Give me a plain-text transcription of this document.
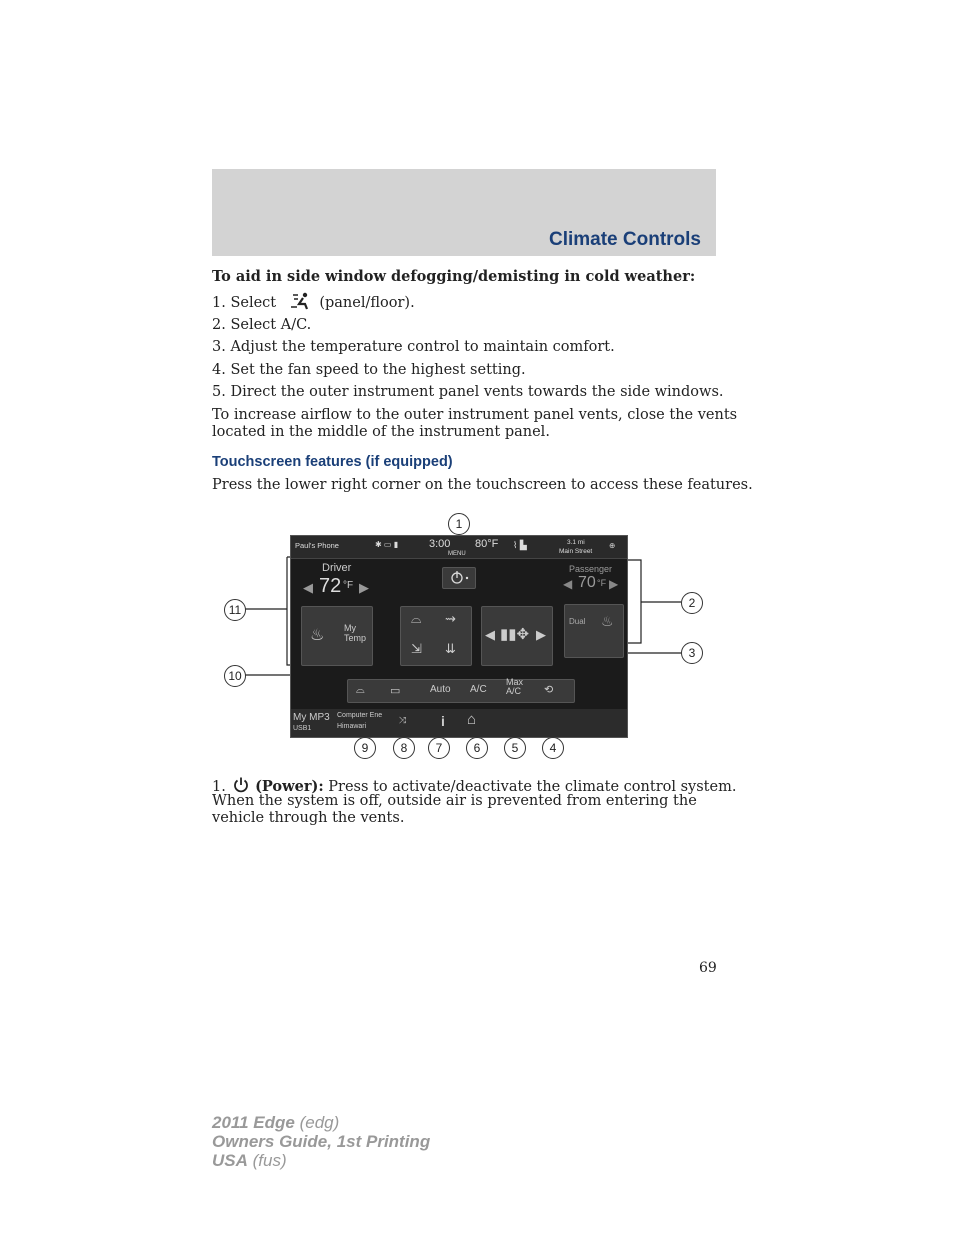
Climate Controls
To aid in side window defogging/demisting in cold weather:
1. Select	(panel/floor).
2. Select A/C.
3. Adjust the temperature control to maintain comfort.
4. Set the fan speed to the highest setting.
5. Direct the outer instrument panel vents towards the side windows.
To increase airflow to the outer instrument panel vents, close the vents
located in the middle of the instrument panel.
Touchscreen features (if equipped)
Press the lower right corner on the touchscreen to access these features.
Paul's Phone	✱ ▭ ▮	3:00
MENU
80°F ⌇ ▙	3.1 mi
Main Street
⊕
Driver
◀ 72 °F ▶
Passenger
◀ 70 °F ▶
♨ My Temp
⌓ ⇝
⇲ ⇊
◀ ▮▮✥ ▶
Dual ♨
⌓ ▭	Auto A/C
Max A/C	⟲
My MP3
USB1
Computer Ene
Himawari
⤨ i ⌂
1
2
3
4
5
6
7
8
9
10
11
1. (Power): Press to activate/deactivate the climate control system.
When the system is off, outside air is prevented from entering the
vehicle through the vents.
69
2011 Edge (edg)
Owners Guide, 1st Printing
USA (fus)
